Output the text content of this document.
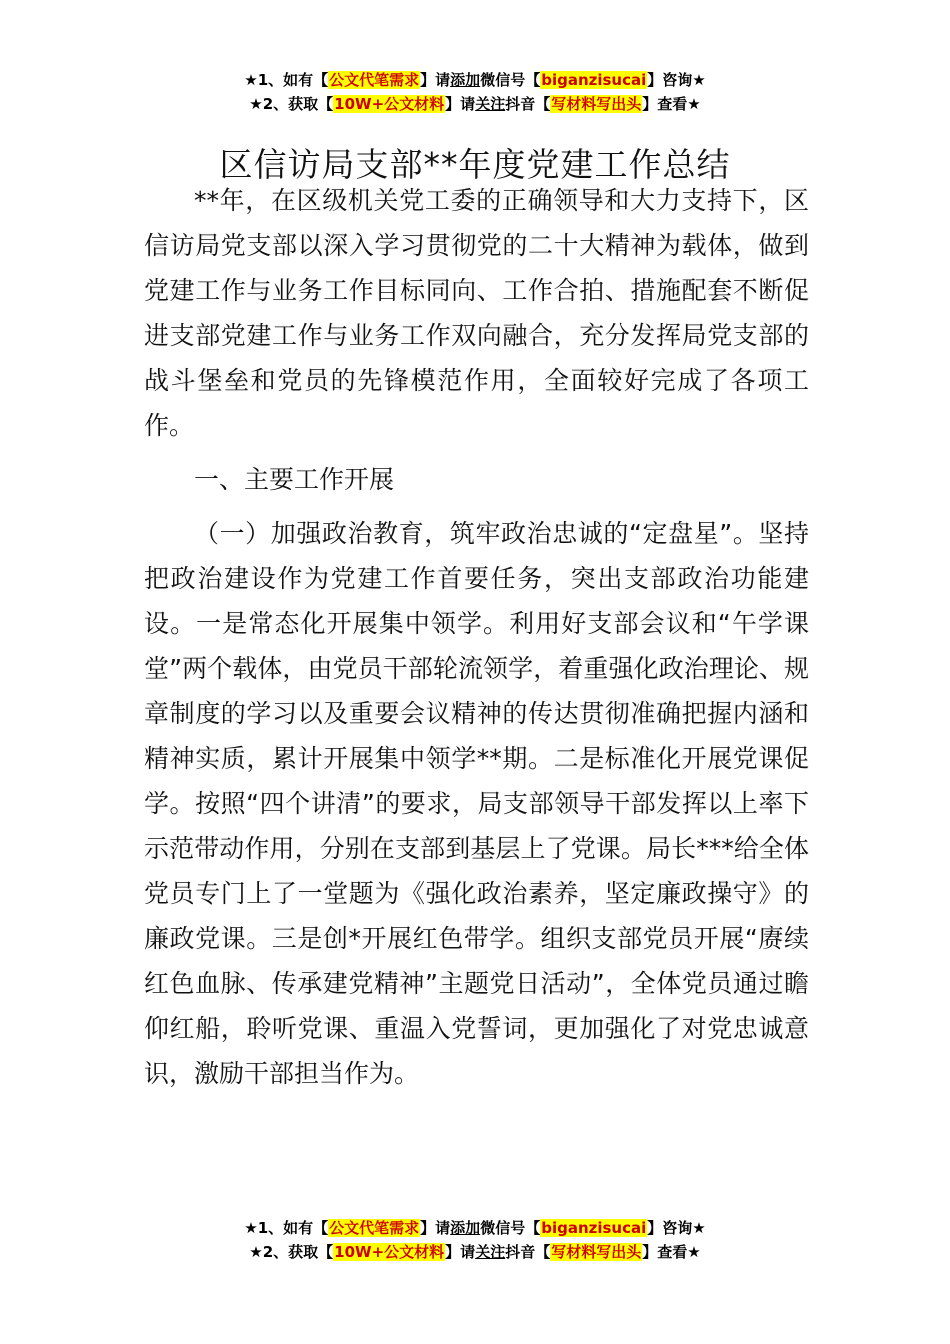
★1、如有【公文代笔需求】请添加微信号【biganzisucai】咨询★
★2、获取【10W+公文材料】请关注抖音【写材料写出头】查看★
区信访局支部**年度党建工作总结

**年，在区级机关党工委的正确领导和大力支持下，区信访局党支部以深入学习贯彻党的二十大精神为载体，做到党建工作与业务工作目标同向、工作合拍、措施配套不断促进支部党建工作与业务工作双向融合，充分发挥局党支部的战斗堡垒和党员的先锋模范作用，全面较好完成了各项工作。

一、主要工作开展

（一）加强政治教育，筑牢政治忠诚的“定盘星”。坚持把政治建设作为党建工作首要任务，突出支部政治功能建设。一是常态化开展集中领学。利用好支部会议和“午学课堂”两个载体，由党员干部轮流领学，着重强化政治理论、规章制度的学习以及重要会议精神的传达贯彻准确把握内涵和精神实质，累计开展集中领学**期。二是标准化开展党课促学。按照“四个讲清”的要求，局支部领导干部发挥以上率下示范带动作用，分别在支部到基层上了党课。局长***给全体党员专门上了一堂题为《强化政治素养，坚定廉政操守》的廉政党课。三是创*开展红色带学。组织支部党员开展“赓续红色血脉、传承建党精神”主题党日活动”，全体党员通过瞻仰红船，聆听党课、重温入党誓词，更加强化了对党忠诚意识，激励干部担当作为。

★1、如有【公文代笔需求】请添加微信号【biganzisucai】咨询★
★2、获取【10W+公文材料】请关注抖音【写材料写出头】查看★
